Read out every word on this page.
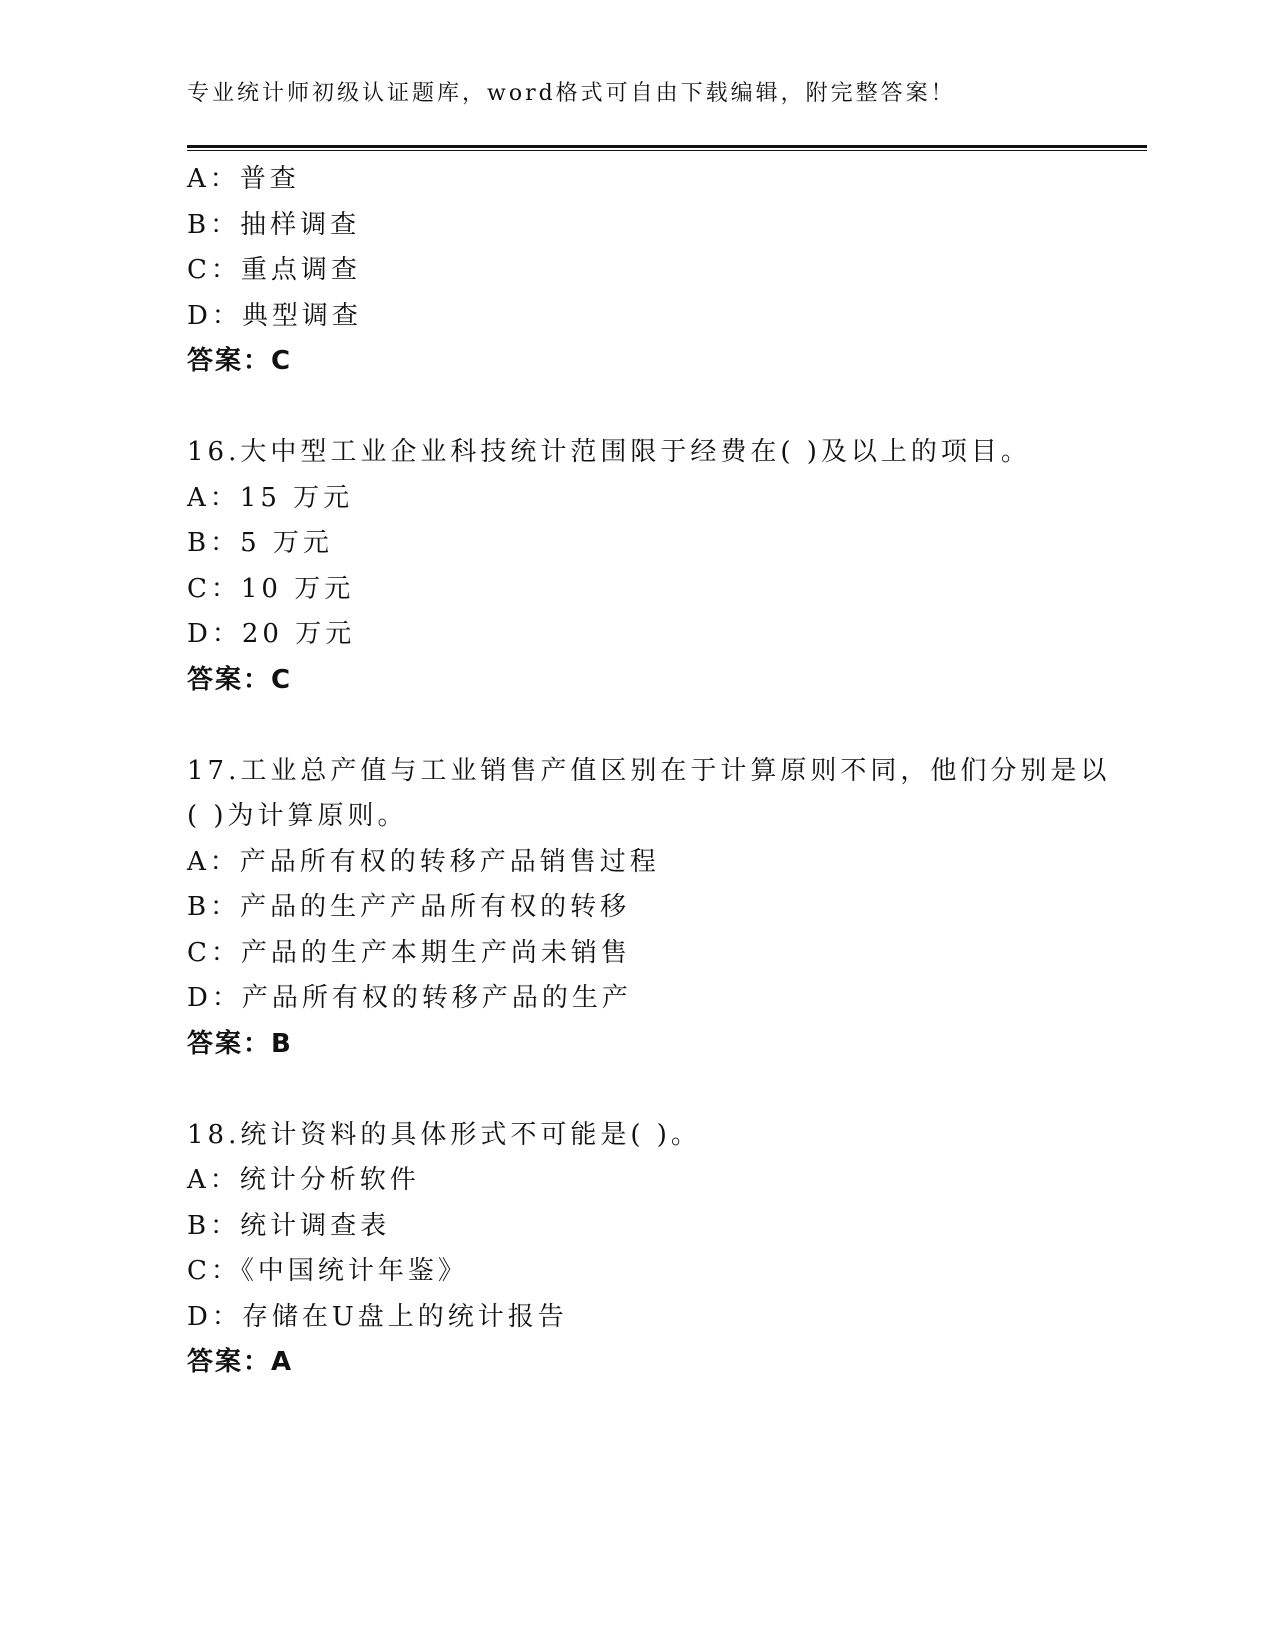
专业统计师初级认证题库，word格式可自由下载编辑，附完整答案！
A：普查
B：抽样调查
C：重点调查
D：典型调查
答案：C
16.大中型工业企业科技统计范围限于经费在( )及以上的项目。
A：15 万元
B：5 万元
C：10 万元
D：20 万元
答案：C
17.工业总产值与工业销售产值区别在于计算原则不同，他们分别是以
( )为计算原则。
A：产品所有权的转移产品销售过程
B：产品的生产产品所有权的转移
C：产品的生产本期生产尚未销售
D：产品所有权的转移产品的生产
答案：B
18.统计资料的具体形式不可能是( )。
A：统计分析软件
B：统计调查表
C：《中国统计年鉴》
D：存储在U盘上的统计报告
答案：A
